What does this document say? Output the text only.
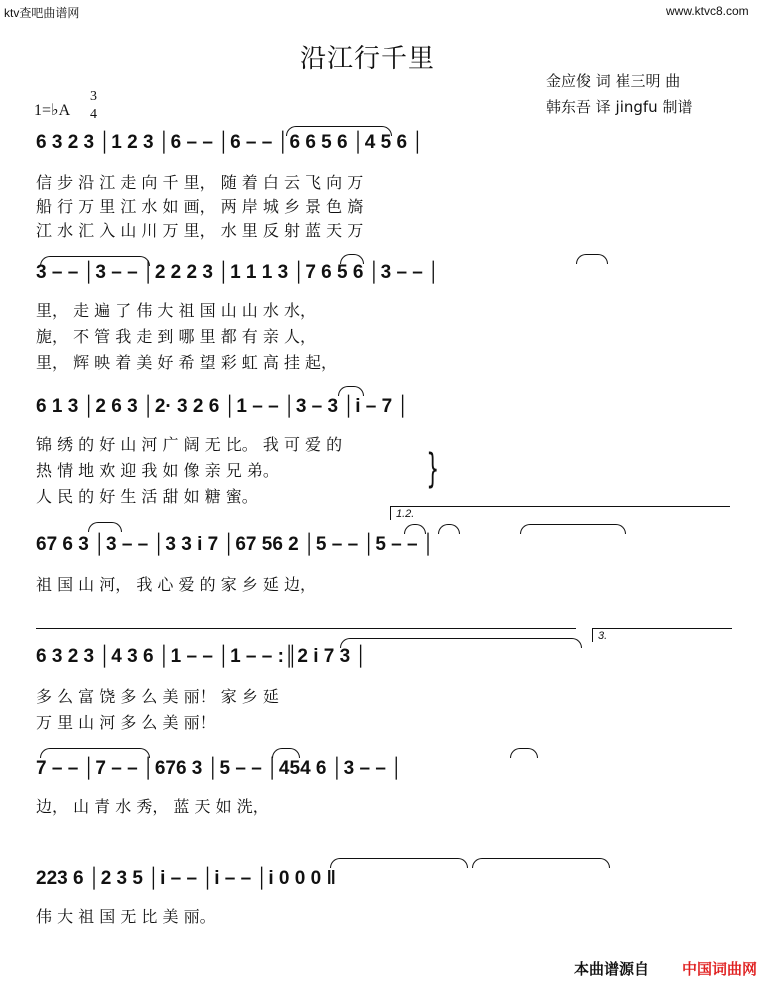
ktv查吧曲谱网	www.ktvc8.com
沿江行千里
金应俊 词 崔三明 曲
韩东吾 译 jingfu 制谱
1=♭A
3
4
6 3 2 3 │1 2 3 │6 – – │6 – – │6 6 5 6 │4 5 6 │
信 步 沿 江 走 向 千 里， 随 着 白 云 飞 向 万
船 行 万 里 江 水 如 画， 两 岸 城 乡 景 色 旖
江 水 汇 入 山 川 万 里， 水 里 反 射 蓝 天 万
3 – – │3 – – │2 2 2 3 │1 1 1 3 │7 6 5 6 │3 – – │
里， 走 遍 了 伟 大 祖 国 山 山 水 水，
旎， 不 管 我 走 到 哪 里 都 有 亲 人，
里， 辉 映 着 美 好 希 望 彩 虹 高 挂 起，
6 1 3 │2 6 3 │2· 3 2 6 │1 – – │3 – 3 │i – 7 │
锦 绣 的 好 山 河 广 阔 无 比。 我 可 爱 的
热 情 地 欢 迎 我 如 像 亲 兄 弟。
人 民 的 好 生 活 甜 如 糖 蜜。
}
1.2.
67 6 3 │3 – – │3 3 i 7 │67 56 2 │5 – – │5 – – │
祖 国 山 河， 我 心 爱 的 家 乡 延 边，
3.
6 3 2 3 │4 3 6 │1 – – │1 – – :║2 i 7 3 │
多 么 富 饶 多 么 美 丽！ 家 乡 延
万 里 山 河 多 么 美 丽！
7 – – │7 – – │676 3 │5 – – │454 6 │3 – – │
边， 山 青 水 秀， 蓝 天 如 洗，
223 6 │2 3 5 │i – – │i – – │i 0 0 0 ‖
伟 大 祖 国 无 比 美 丽。
本曲谱源自 中国词曲网
